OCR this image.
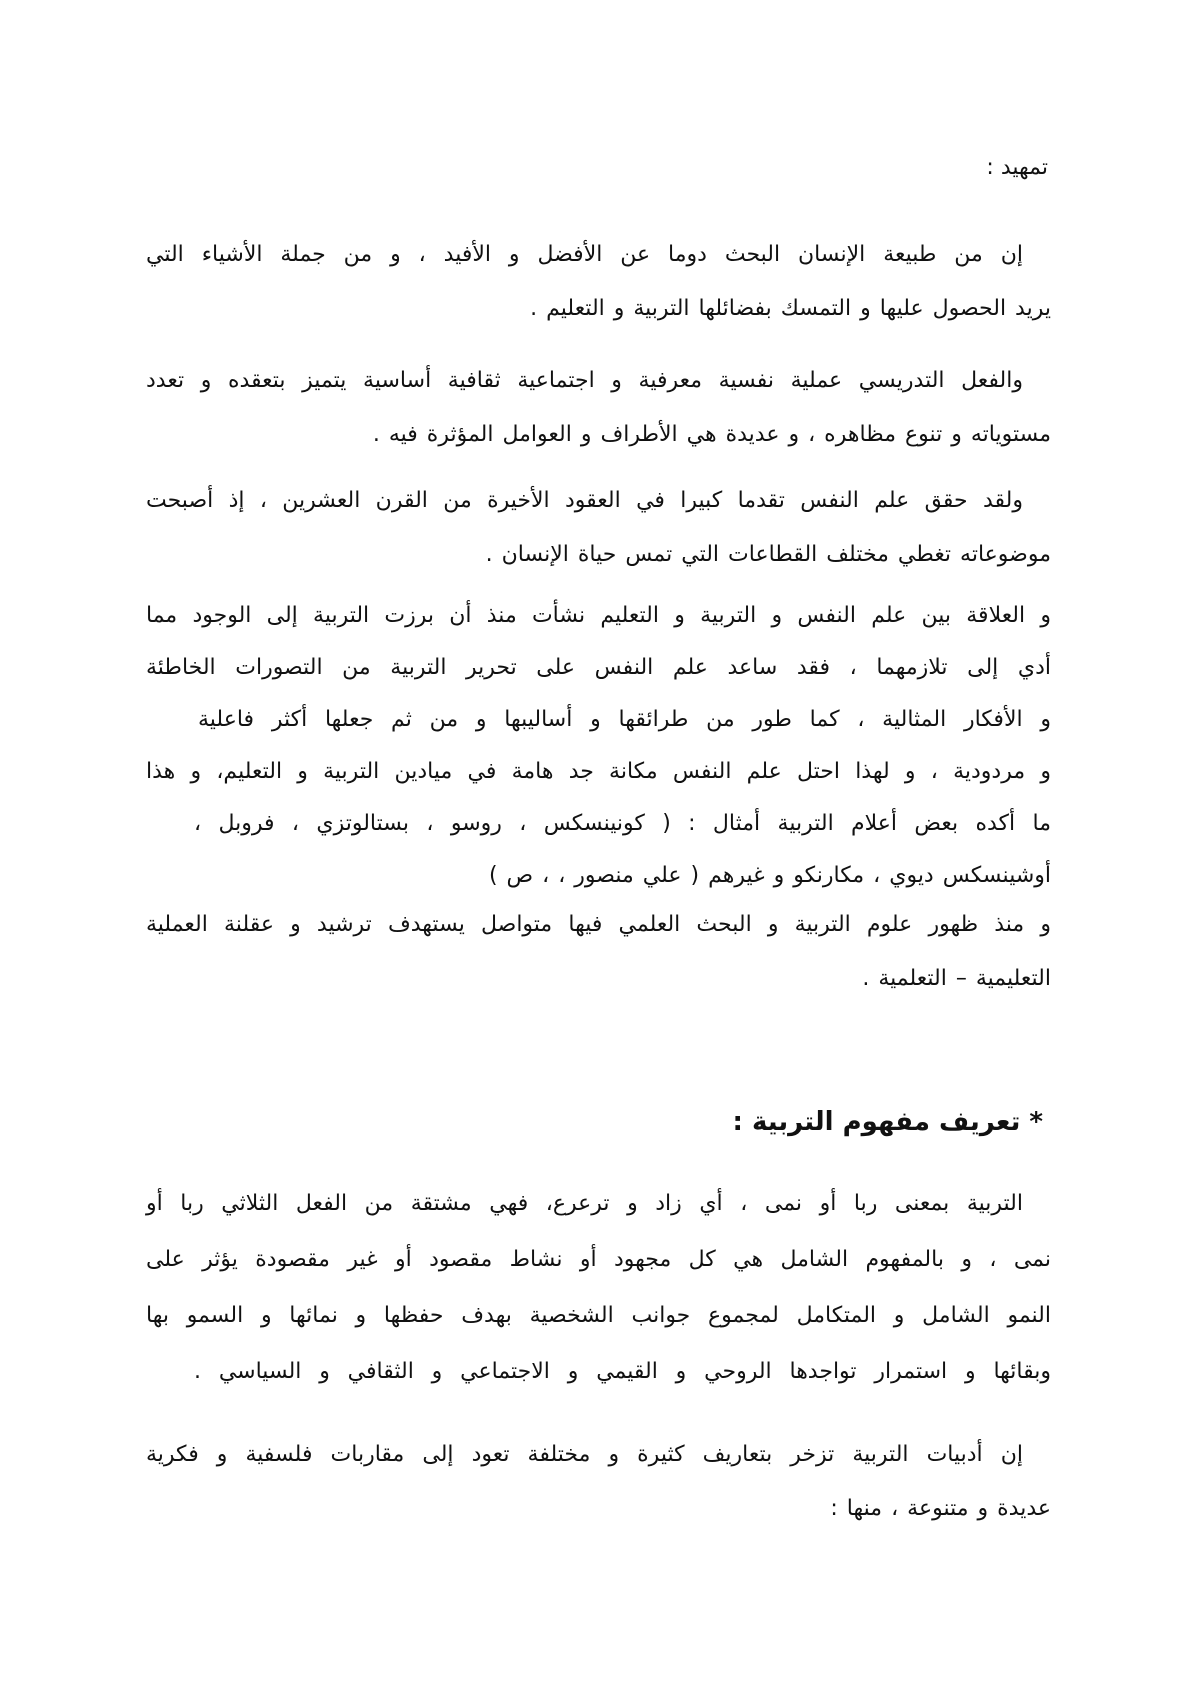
تمهيد :
إن من طبيعة الإنسان البحث دوما عن الأفضل و الأفيد ، و من جملة الأشياء التي
يريد الحصول عليها و التمسك بفضائلها التربية و التعليم .
والفعل التدريسي عملية نفسية معرفية و اجتماعية ثقافية أساسية يتميز بتعقده و تعدد
مستوياته و تنوع مظاهره ، و عديدة هي الأطراف و العوامل المؤثرة فيه .
ولقد حقق علم النفس تقدما كبيرا في العقود الأخيرة من القرن العشرين ، إذ أصبحت
موضوعاته تغطي مختلف القطاعات التي تمس حياة الإنسان .
و العلاقة بين علم النفس و التربية و التعليم نشأت منذ أن برزت التربية إلى الوجود مما
أدي إلى تلازمهما ، فقد ساعد علم النفس على تحرير التربية من التصورات الخاطئة
و الأفكار المثالية ، كما طور من طرائقها و أساليبها و من ثم جعلها أكثر فاعلية
و مردودية ، و لهذا احتل علم النفس مكانة جد هامة في ميادين التربية و التعليم، و هذا
ما أكده بعض أعلام التربية أمثال : ( كونينسكس ، روسو ، بستالوتزي ، فروبل ،
أوشينسكس ديوي ، مكارنكو و غيرهم ( علي منصور ، ، ص )
و منذ ظهور علوم التربية و البحث العلمي فيها متواصل يستهدف ترشيد و عقلنة العملية
التعليمية – التعلمية .
* تعريف مفهوم التربية :
التربية بمعنى ربا أو نمى ، أي زاد و ترعرع، فهي مشتقة من الفعل الثلاثي ربا أو
نمى ، و بالمفهوم الشامل هي كل مجهود أو نشاط مقصود أو غير مقصودة يؤثر على
النمو الشامل و المتكامل لمجموع جوانب الشخصية بهدف حفظها و نمائها و السمو بها
وبقائها و استمرار تواجدها الروحي و القيمي و الاجتماعي و الثقافي و السياسي .
إن أدبيات التربية تزخر بتعاريف كثيرة و مختلفة تعود إلى مقاربات فلسفية و فكرية
عديدة و متنوعة ، منها :
